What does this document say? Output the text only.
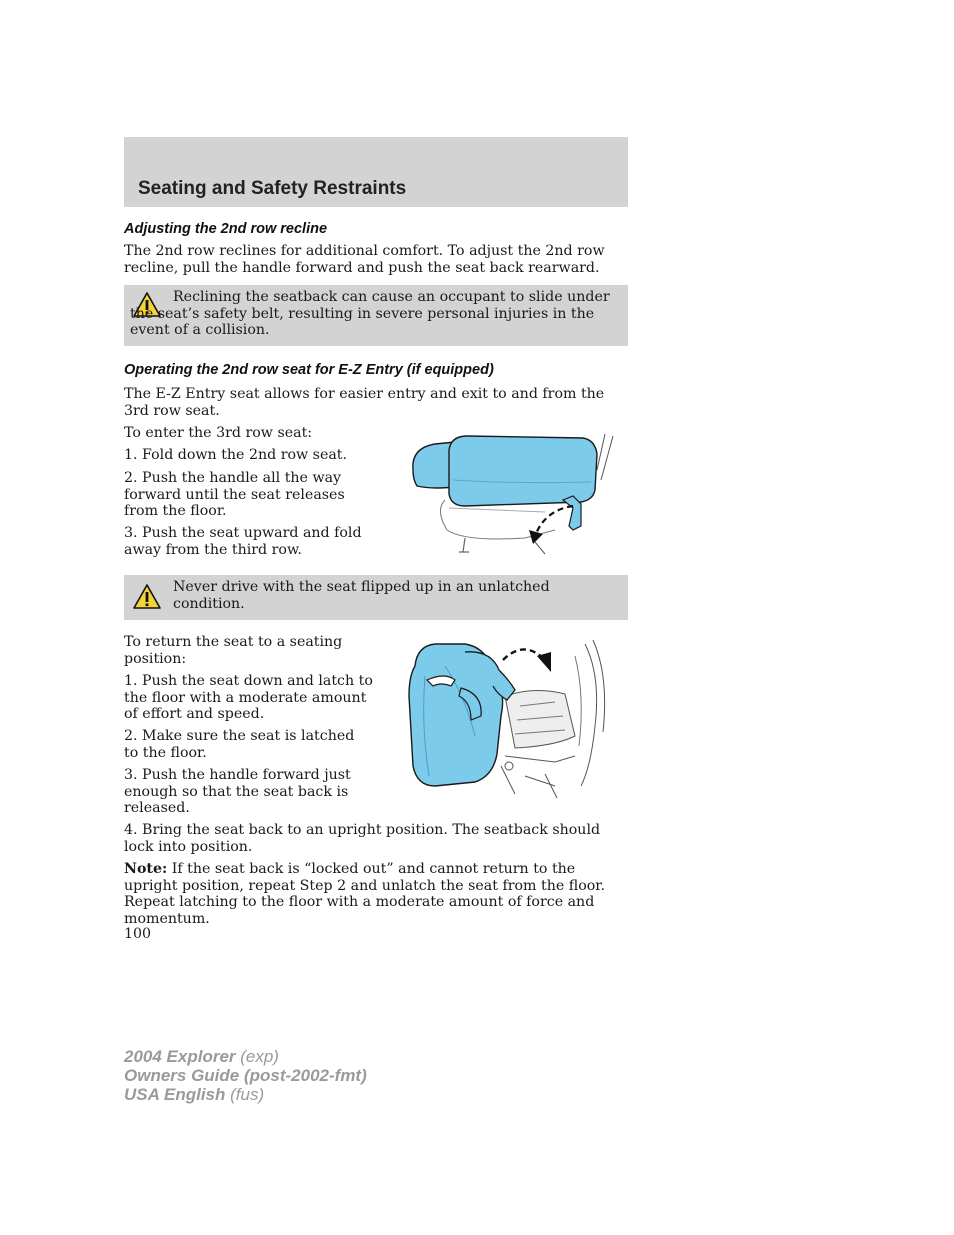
Seating and Safety Restraints
Adjusting the 2nd row recline
The 2nd row reclines for additional comfort. To adjust the 2nd row recline, pull the handle forward and push the seat back rearward.
Reclining the seatback can cause an occupant to slide under the seat’s safety belt, resulting in severe personal injuries in the event of a collision.
Operating the 2nd row seat for E-Z Entry (if equipped)
The E-Z Entry seat allows for easier entry and exit to and from the 3rd row seat.
To enter the 3rd row seat:
1. Fold down the 2nd row seat.
2. Push the handle all the way forward until the seat releases from the floor.
3. Push the seat upward and fold away from the third row.
Never drive with the seat flipped up in an unlatched condition.
To return the seat to a seating position:
1. Push the seat down and latch to the floor with a moderate amount of effort and speed.
2. Make sure the seat is latched to the floor.
3. Push the handle forward just enough so that the seat back is released.
4. Bring the seat back to an upright position. The seatback should lock into position.
Note: If the seat back is “locked out” and cannot return to the upright position, repeat Step 2 and unlatch the seat from the floor. Repeat latching to the floor with a moderate amount of force and momentum.
100
2004 Explorer (exp)
Owners Guide (post-2002-fmt)
USA English (fus)
